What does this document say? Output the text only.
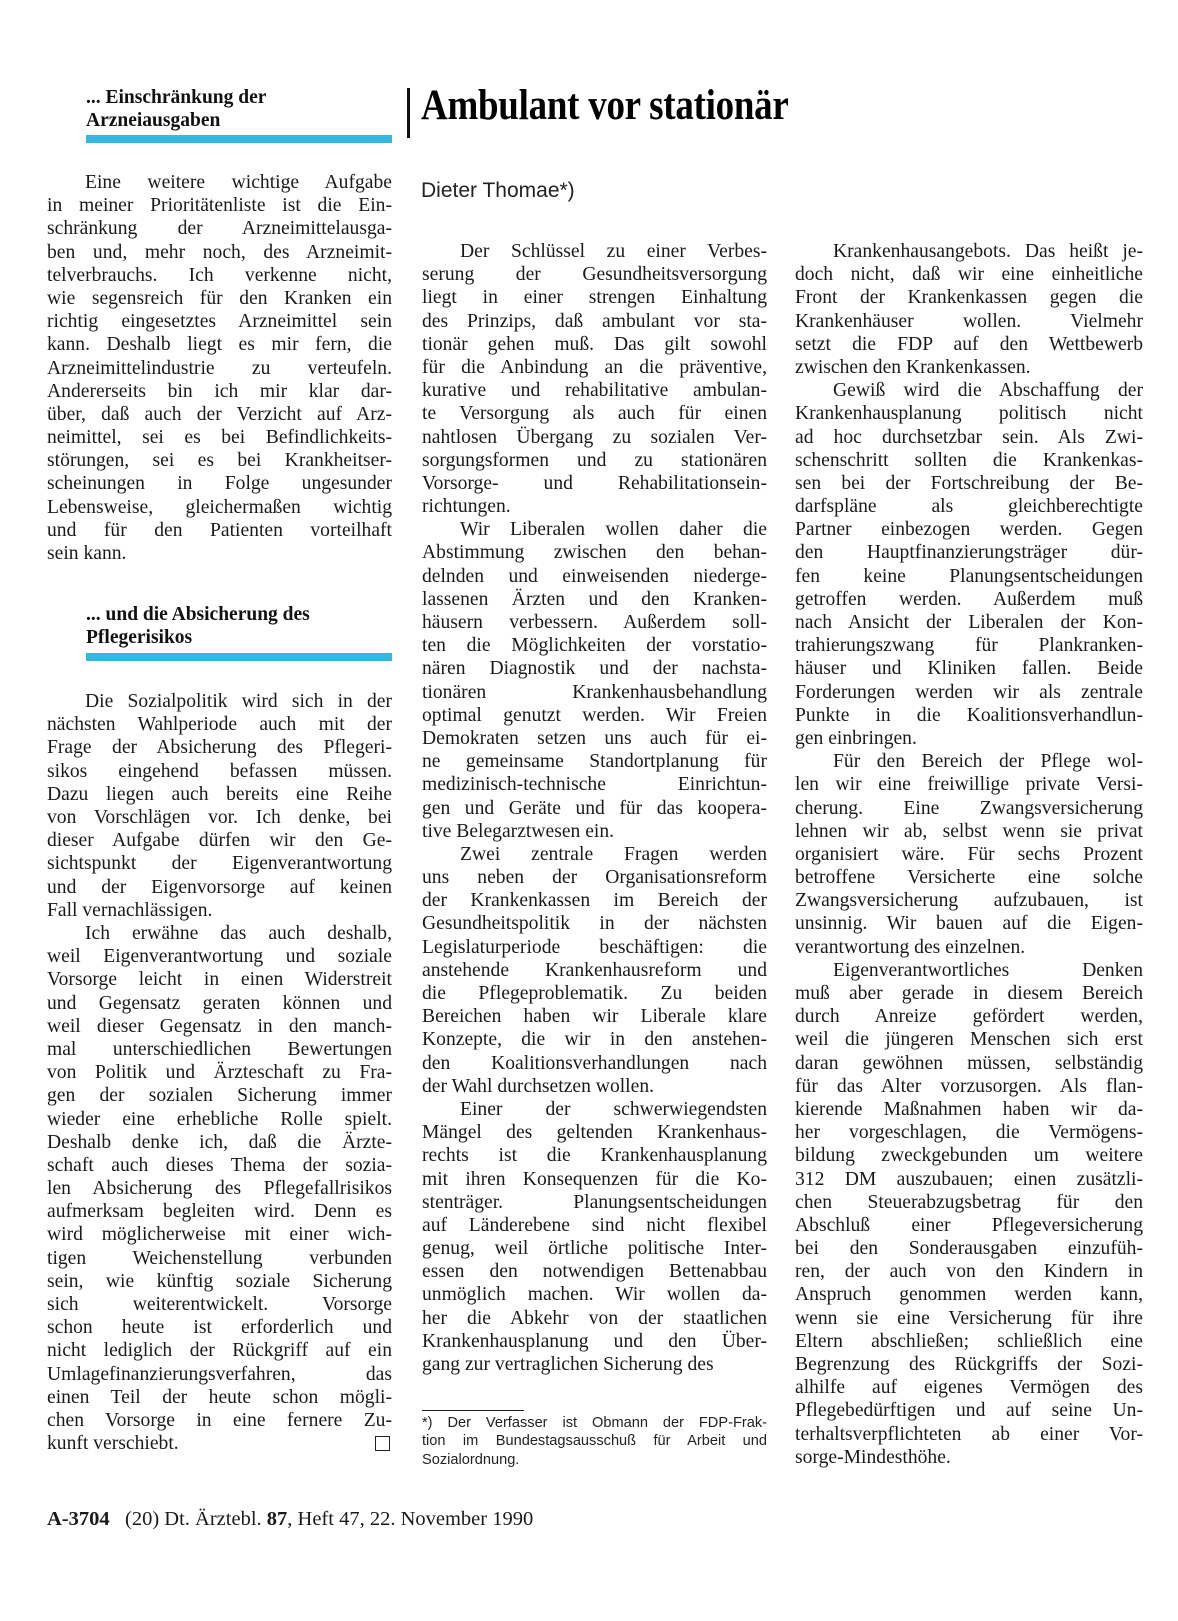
... Einschränkung der
Arzneiausgaben
Eine weitere wichtige Aufgabe
in meiner Prioritätenliste ist die Ein-
schränkung der Arzneimittelausga-
ben und, mehr noch, des Arzneimit-
telverbrauchs. Ich verkenne nicht,
wie segensreich für den Kranken ein
richtig eingesetztes Arzneimittel sein
kann. Deshalb liegt es mir fern, die
Arzneimittelindustrie zu verteufeln.
Andererseits bin ich mir klar dar-
über, daß auch der Verzicht auf Arz-
neimittel, sei es bei Befindlichkeits-
störungen, sei es bei Krankheitser-
scheinungen in Folge ungesunder
Lebensweise, gleichermaßen wichtig
und für den Patienten vorteilhaft
sein kann.
... und die Absicherung des
Pflegerisikos
Die Sozialpolitik wird sich in der
nächsten Wahlperiode auch mit der
Frage der Absicherung des Pflegeri-
sikos eingehend befassen müssen.
Dazu liegen auch bereits eine Reihe
von Vorschlägen vor. Ich denke, bei
dieser Aufgabe dürfen wir den Ge-
sichtspunkt der Eigenverantwortung
und der Eigenvorsorge auf keinen
Fall vernachlässigen.
Ich erwähne das auch deshalb,
weil Eigenverantwortung und soziale
Vorsorge leicht in einen Widerstreit
und Gegensatz geraten können und
weil dieser Gegensatz in den manch-
mal unterschiedlichen Bewertungen
von Politik und Ärzteschaft zu Fra-
gen der sozialen Sicherung immer
wieder eine erhebliche Rolle spielt.
Deshalb denke ich, daß die Ärzte-
schaft auch dieses Thema der sozia-
len Absicherung des Pflegefallrisikos
aufmerksam begleiten wird. Denn es
wird möglicherweise mit einer wich-
tigen Weichenstellung verbunden
sein, wie künftig soziale Sicherung
sich weiterentwickelt. Vorsorge
schon heute ist erforderlich und
nicht lediglich der Rückgriff auf ein
Umlagefinanzierungsverfahren, das
einen Teil der heute schon mögli-
chen Vorsorge in eine fernere Zu-
kunft verschiebt.
Ambulant vor stationär
Dieter Thomae*)
Der Schlüssel zu einer Verbes-
serung der Gesundheitsversorgung
liegt in einer strengen Einhaltung
des Prinzips, daß ambulant vor sta-
tionär gehen muß. Das gilt sowohl
für die Anbindung an die präventive,
kurative und rehabilitative ambulan-
te Versorgung als auch für einen
nahtlosen Übergang zu sozialen Ver-
sorgungsformen und zu stationären
Vorsorge- und Rehabilitationsein-
richtungen.
Wir Liberalen wollen daher die
Abstimmung zwischen den behan-
delnden und einweisenden niederge-
lassenen Ärzten und den Kranken-
häusern verbessern. Außerdem soll-
ten die Möglichkeiten der vorstatio-
nären Diagnostik und der nachsta-
tionären Krankenhausbehandlung
optimal genutzt werden. Wir Freien
Demokraten setzen uns auch für ei-
ne gemeinsame Standortplanung für
medizinisch-technische Einrichtun-
gen und Geräte und für das koopera-
tive Belegarztwesen ein.
Zwei zentrale Fragen werden
uns neben der Organisationsreform
der Krankenkassen im Bereich der
Gesundheitspolitik in der nächsten
Legislaturperiode beschäftigen: die
anstehende Krankenhausreform und
die Pflegeproblematik. Zu beiden
Bereichen haben wir Liberale klare
Konzepte, die wir in den anstehen-
den Koalitionsverhandlungen nach
der Wahl durchsetzen wollen.
Einer der schwerwiegendsten
Mängel des geltenden Krankenhaus-
rechts ist die Krankenhausplanung
mit ihren Konsequenzen für die Ko-
stenträger. Planungsentscheidungen
auf Länderebene sind nicht flexibel
genug, weil örtliche politische Inter-
essen den notwendigen Bettenabbau
unmöglich machen. Wir wollen da-
her die Abkehr von der staatlichen
Krankenhausplanung und den Über-
gang zur vertraglichen Sicherung des
Krankenhausangebots. Das heißt je-
doch nicht, daß wir eine einheitliche
Front der Krankenkassen gegen die
Krankenhäuser wollen. Vielmehr
setzt die FDP auf den Wettbewerb
zwischen den Krankenkassen.
Gewiß wird die Abschaffung der
Krankenhausplanung politisch nicht
ad hoc durchsetzbar sein. Als Zwi-
schenschritt sollten die Krankenkas-
sen bei der Fortschreibung der Be-
darfspläne als gleichberechtigte
Partner einbezogen werden. Gegen
den Hauptfinanzierungsträger dür-
fen keine Planungsentscheidungen
getroffen werden. Außerdem muß
nach Ansicht der Liberalen der Kon-
trahierungszwang für Plankranken-
häuser und Kliniken fallen. Beide
Forderungen werden wir als zentrale
Punkte in die Koalitionsverhandlun-
gen einbringen.
Für den Bereich der Pflege wol-
len wir eine freiwillige private Versi-
cherung. Eine Zwangsversicherung
lehnen wir ab, selbst wenn sie privat
organisiert wäre. Für sechs Prozent
betroffene Versicherte eine solche
Zwangsversicherung aufzubauen, ist
unsinnig. Wir bauen auf die Eigen-
verantwortung des einzelnen.
Eigenverantwortliches Denken
muß aber gerade in diesem Bereich
durch Anreize gefördert werden,
weil die jüngeren Menschen sich erst
daran gewöhnen müssen, selbständig
für das Alter vorzusorgen. Als flan-
kierende Maßnahmen haben wir da-
her vorgeschlagen, die Vermögens-
bildung zweckgebunden um weitere
312 DM auszubauen; einen zusätzli-
chen Steuerabzugsbetrag für den
Abschluß einer Pflegeversicherung
bei den Sonderausgaben einzufüh-
ren, der auch von den Kindern in
Anspruch genommen werden kann,
wenn sie eine Versicherung für ihre
Eltern abschließen; schließlich eine
Begrenzung des Rückgriffs der Sozi-
alhilfe auf eigenes Vermögen des
Pflegebedürftigen und auf seine Un-
terhaltsverpflichteten ab einer Vor-
sorge-Mindesthöhe.
*) Der Verfasser ist Obmann der FDP-Frak-
tion im Bundestagsausschuß für Arbeit und
Sozialordnung.
A-3704 (20) Dt. Ärztebl. 87, Heft 47, 22. November 1990
